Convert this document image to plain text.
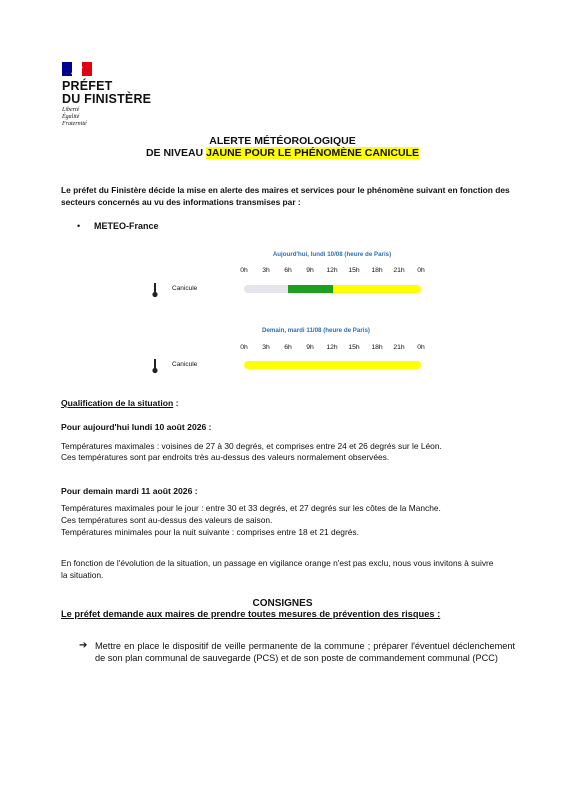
PRÉFET
DU FINISTÈRE
Liberté
Égalité
Fraternité
ALERTE MÉTÉOROLOGIQUE
DE NIVEAU JAUNE POUR LE PHÉNOMÈNE CANICULE
Le préfet du Finistère décide la mise en alerte des maires et services pour le phénomène suivant en fonction des secteurs concernés au vu des informations transmises par :
• METEO-France
Aujourd'hui, lundi 10/08 (heure de Paris)
0h	3h	6h	9h	12h	15h	18h	21h	0h
Canicule
Demain, mardi 11/08 (heure de Paris)
0h	3h	6h	9h	12h	15h	18h	21h	0h
Canicule
Qualification de la situation :
Pour aujourd'hui lundi 10 août 2026 :
Températures maximales : voisines de 27 à 30 degrés, et comprises entre 24 et 26 degrés sur le Léon.
Ces températures sont par endroits très au-dessus des valeurs normalement observées.
Pour demain mardi 11 août 2026 :
Températures maximales pour le jour : entre 30 et 33 degrés, et 27 degrés sur les côtes de la Manche.
Ces températures sont au-dessus des valeurs de saison.
Températures minimales pour la nuit suivante : comprises entre 18 et 21 degrés.
En fonction de l'évolution de la situation, un passage en vigilance orange n'est pas exclu, nous vous invitons à suivre la situation.
CONSIGNES
Le préfet demande aux maires de prendre toutes mesures de prévention des risques :
➔ Mettre en place le dispositif de veille permanente de la commune ; préparer l'éventuel déclenchement de son plan communal de sauvegarde (PCS) et de son poste de commandement communal (PCC)
